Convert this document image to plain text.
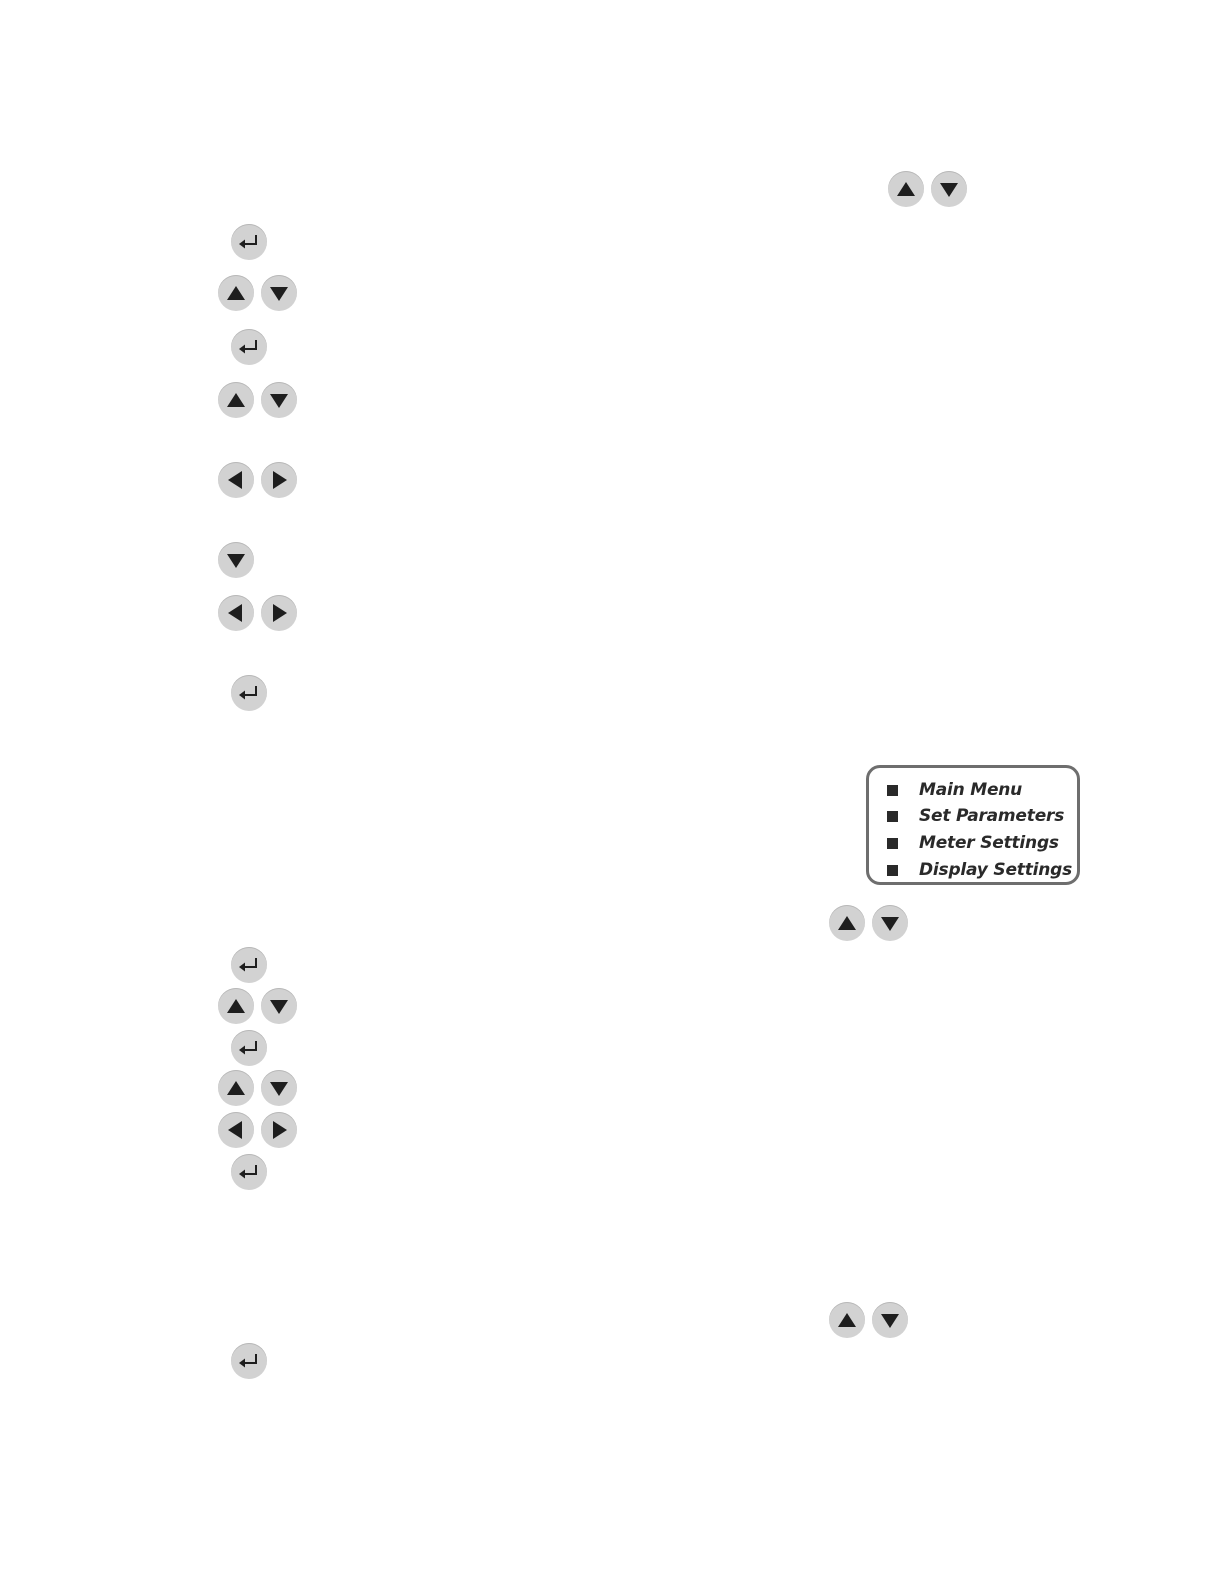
Main Menu
Set Parameters
Meter Settings
Display Settings
